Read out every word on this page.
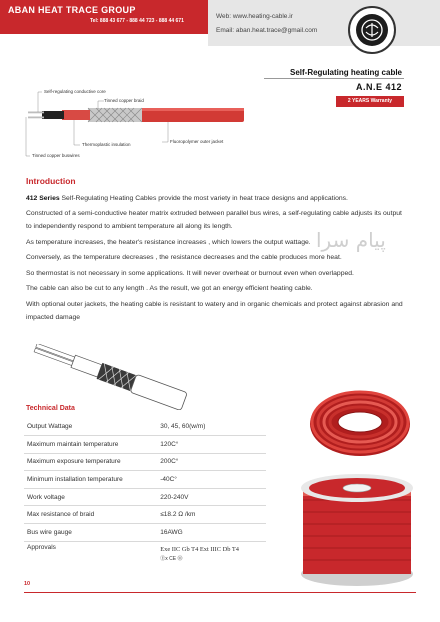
ABAN HEAT TRACE GROUP
Tel: 888 43 677 - 888 44 723 - 888 44 671
Web: www.heating-cable.ir
Email: aban.heat.trace@gmail.com
Self-Regulating heating cable
A.N.E 412
2 YEARS Warranty
Self-regulating conductive core
Tinned copper braid
Thermoplastic insulation
Fluoropolymer outer jacket
Tinned copper buswires
Introduction

412 Series Self-Regulating Heating Cables provide the most variety in heat trace designs and applications.

Constructed of a semi-conductive heater matrix extruded between parallel bus wires, a self-regulating cable adjusts its output to independently respond to ambient temperature all along its length.

As temperature increases, the heater's resistance increases , which lowers the output wattage.

Conversely, as the temperature decreases , the resistance decreases and the cable produces more heat.

So thermostat is not necessary in some applications. It will never overheat or burnout even when overlapped.

The cable can also be cut to any length . As the result, we got an energy efficient heating cable.

With optional outer jackets, the heating cable is resistant to watery and in organic chemicals and protect against abrasion and impacted damage

پیام سرا
Technical Data
Output Wattage	30, 45, 60(w/m)
Maximum maintain temperature	120C°
Maximum exposure temperature	200C°
Minimum installation temperature	-40C°
Work voltage	220-240V
Max resistance of braid	≤18.2 Ω /km
Bus wire gauge	16AWG
Approvals	Exe IIC Gb T4 Ext IIIC Db T4
Ⓔx CE Ⓜ
10
